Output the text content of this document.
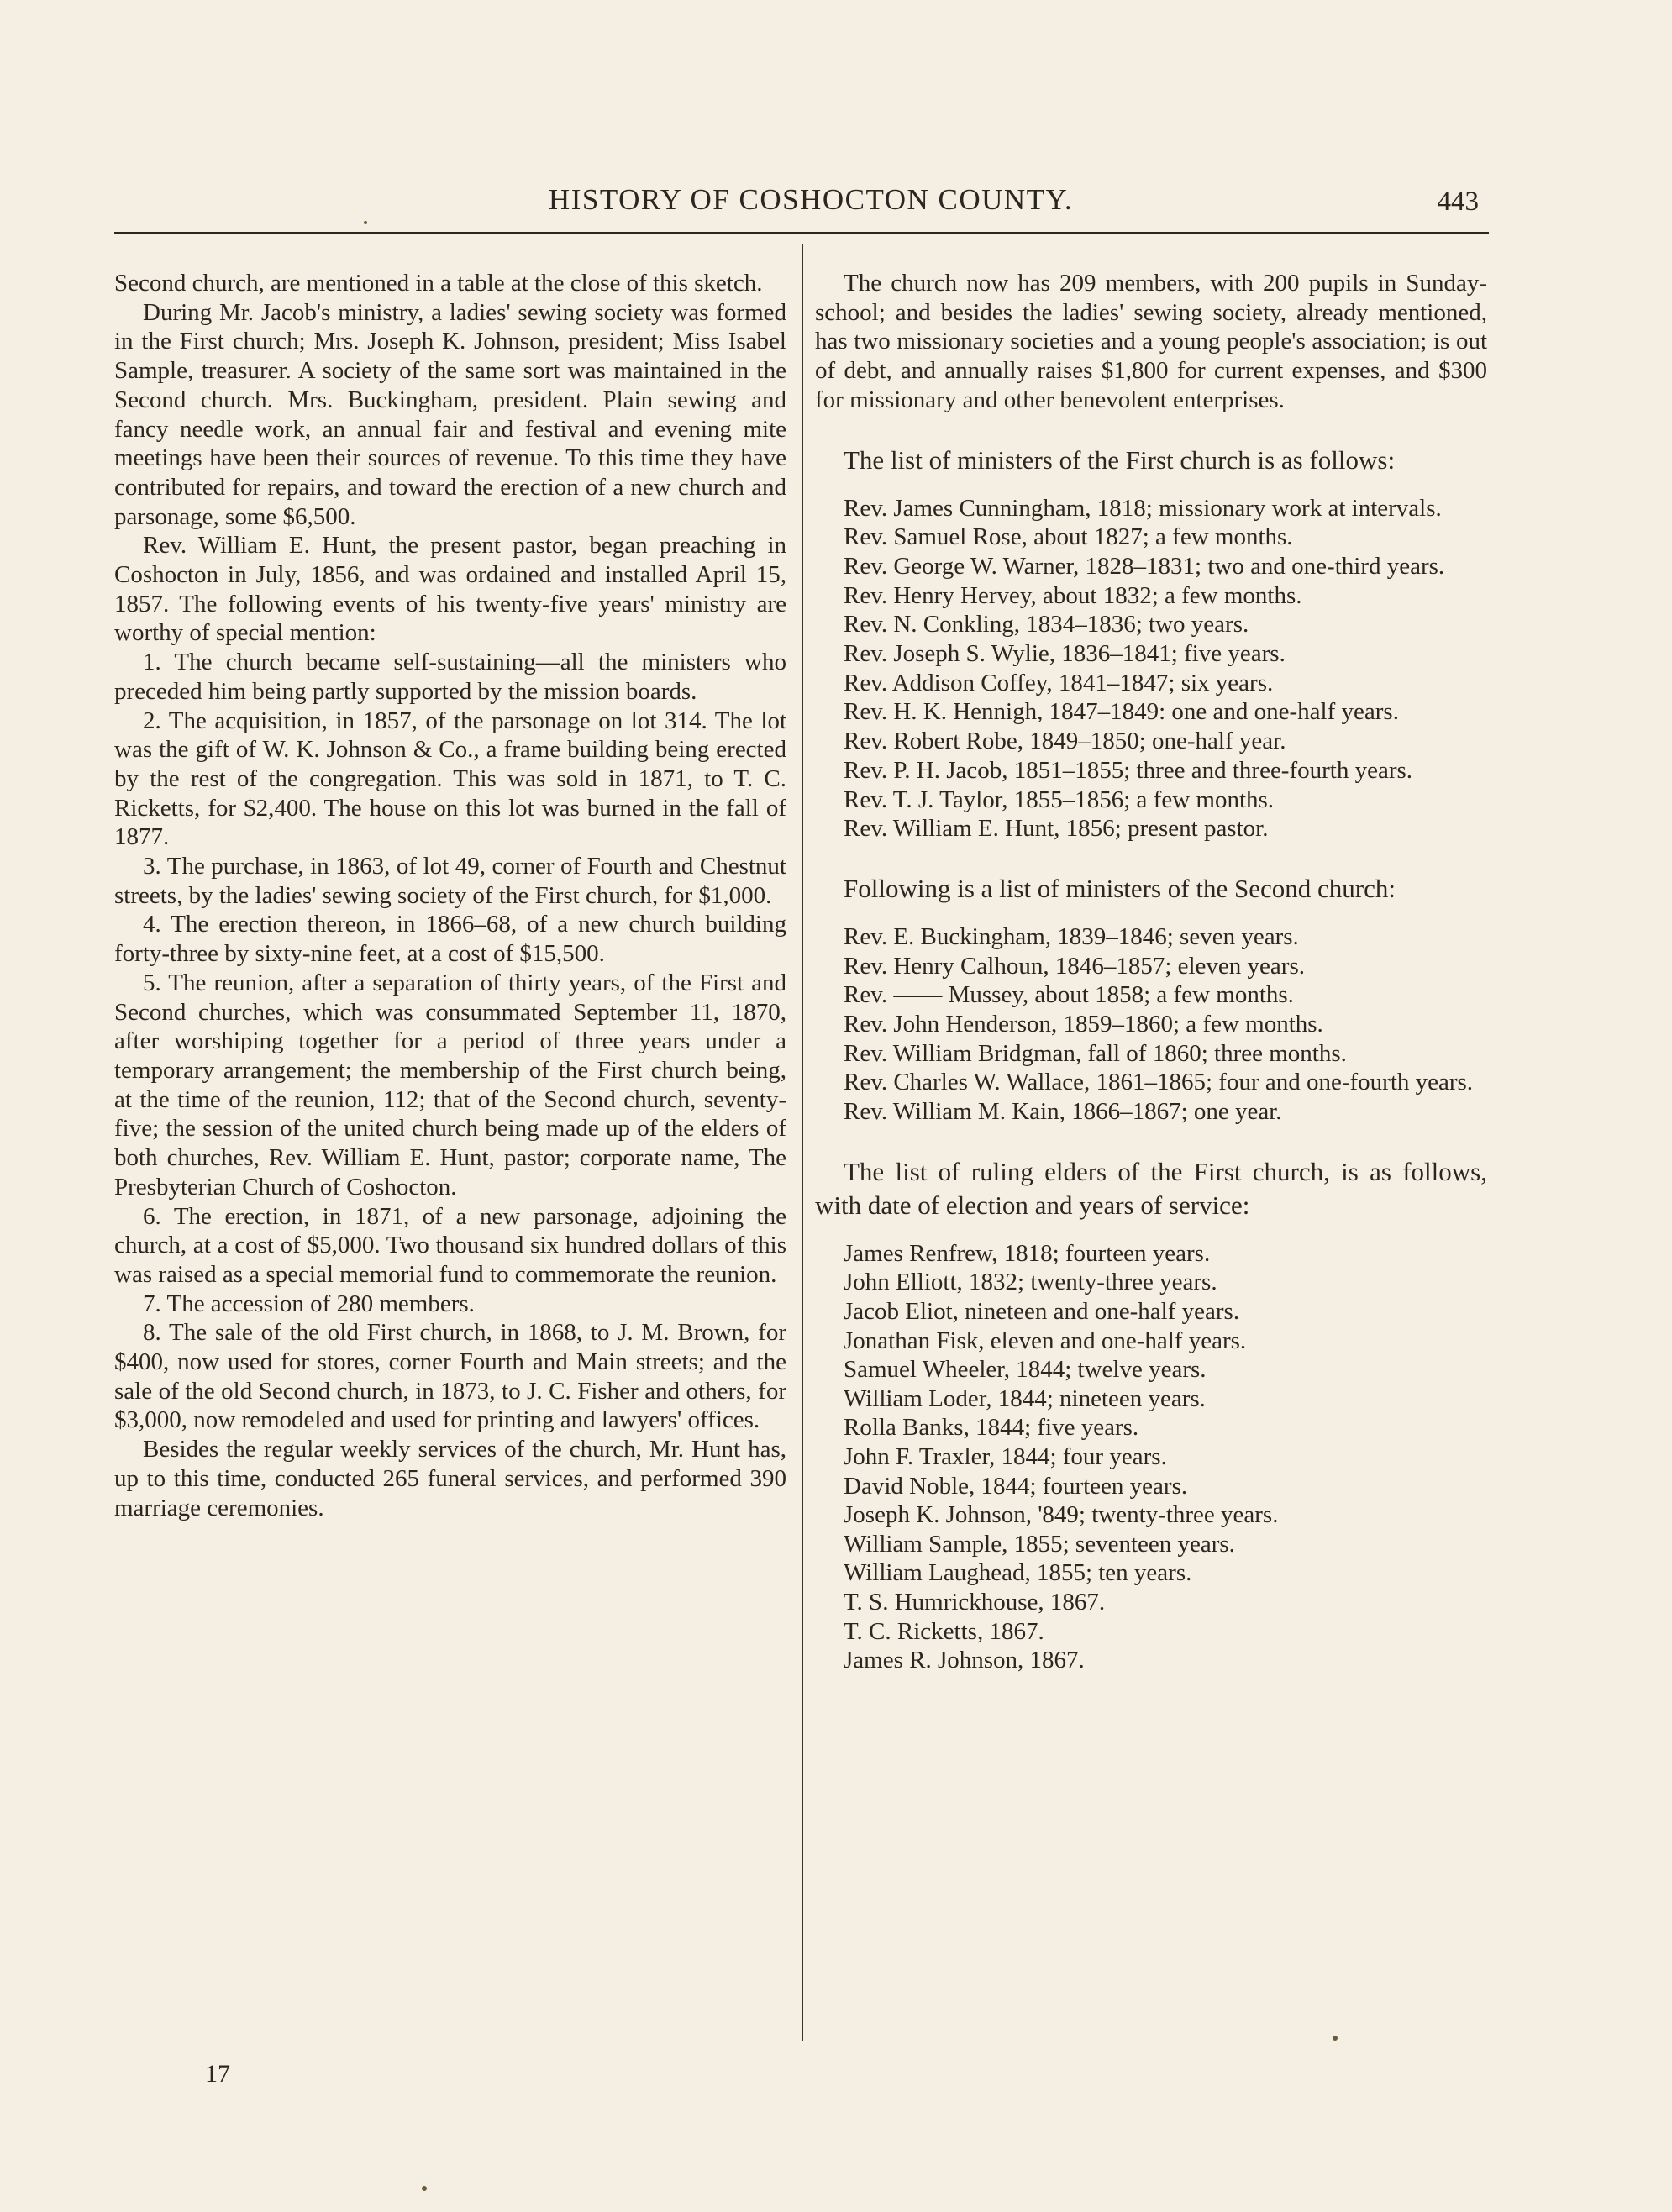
HISTORY OF COSHOCTON COUNTY.	443

Second church, are mentioned in a table at the close of this sketch.

During Mr. Jacob's ministry, a ladies' sewing society was formed in the First church; Mrs. Joseph K. Johnson, president; Miss Isabel Sample, treasurer. A society of the same sort was maintained in the Second church. Mrs. Buckingham, president. Plain sewing and fancy needle work, an annual fair and festival and evening mite meetings have been their sources of revenue. To this time they have contributed for repairs, and toward the erection of a new church and parsonage, some $6,500.

Rev. William E. Hunt, the present pastor, began preaching in Coshocton in July, 1856, and was ordained and installed April 15, 1857. The following events of his twenty-five years' ministry are worthy of special mention:

1. The church became self-sustaining—all the ministers who preceded him being partly supported by the mission boards.

2. The acquisition, in 1857, of the parsonage on lot 314. The lot was the gift of W. K. Johnson & Co., a frame building being erected by the rest of the congregation. This was sold in 1871, to T. C. Ricketts, for $2,400. The house on this lot was burned in the fall of 1877.

3. The purchase, in 1863, of lot 49, corner of Fourth and Chestnut streets, by the ladies' sewing society of the First church, for $1,000.

4. The erection thereon, in 1866–68, of a new church building forty-three by sixty-nine feet, at a cost of $15,500.

5. The reunion, after a separation of thirty years, of the First and Second churches, which was consummated September 11, 1870, after worshiping together for a period of three years under a temporary arrangement; the membership of the First church being, at the time of the reunion, 112; that of the Second church, seventy-five; the session of the united church being made up of the elders of both churches, Rev. William E. Hunt, pastor; corporate name, The Presbyterian Church of Coshocton.

6. The erection, in 1871, of a new parsonage, adjoining the church, at a cost of $5,000. Two thousand six hundred dollars of this was raised as a special memorial fund to commemorate the reunion.

7. The accession of 280 members.

8. The sale of the old First church, in 1868, to J. M. Brown, for $400, now used for stores, corner Fourth and Main streets; and the sale of the old Second church, in 1873, to J. C. Fisher and others, for $3,000, now remodeled and used for printing and lawyers' offices.

Besides the regular weekly services of the church, Mr. Hunt has, up to this time, conducted 265 funeral services, and performed 390 marriage ceremonies.

The church now has 209 members, with 200 pupils in Sunday-school; and besides the ladies' sewing society, already mentioned, has two missionary societies and a young people's association; is out of debt, and annually raises $1,800 for current expenses, and $300 for missionary and other benevolent enterprises.

The list of ministers of the First church is as follows:

Rev. James Cunningham, 1818; missionary work at intervals.

Rev. Samuel Rose, about 1827; a few months.

Rev. George W. Warner, 1828–1831; two and one-third years.

Rev. Henry Hervey, about 1832; a few months.

Rev. N. Conkling, 1834–1836; two years.

Rev. Joseph S. Wylie, 1836–1841; five years.

Rev. Addison Coffey, 1841–1847; six years.

Rev. H. K. Hennigh, 1847–1849: one and one-half years.

Rev. Robert Robe, 1849–1850; one-half year.

Rev. P. H. Jacob, 1851–1855; three and three-fourth years.

Rev. T. J. Taylor, 1855–1856; a few months.

Rev. William E. Hunt, 1856; present pastor.

Following is a list of ministers of the Second church:

Rev. E. Buckingham, 1839–1846; seven years.

Rev. Henry Calhoun, 1846–1857; eleven years.

Rev. —— Mussey, about 1858; a few months.

Rev. John Henderson, 1859–1860; a few months.

Rev. William Bridgman, fall of 1860; three months.

Rev. Charles W. Wallace, 1861–1865; four and one-fourth years.

Rev. William M. Kain, 1866–1867; one year.

The list of ruling elders of the First church, is as follows, with date of election and years of service:

James Renfrew, 1818; fourteen years.

John Elliott, 1832; twenty-three years.

Jacob Eliot, nineteen and one-half years.

Jonathan Fisk, eleven and one-half years.

Samuel Wheeler, 1844; twelve years.

William Loder, 1844; nineteen years.

Rolla Banks, 1844; five years.

John F. Traxler, 1844; four years.

David Noble, 1844; fourteen years.

Joseph K. Johnson, '849; twenty-three years.

William Sample, 1855; seventeen years.

William Laughead, 1855; ten years.

T. S. Humrickhouse, 1867.

T. C. Ricketts, 1867.

James R. Johnson, 1867.

17
